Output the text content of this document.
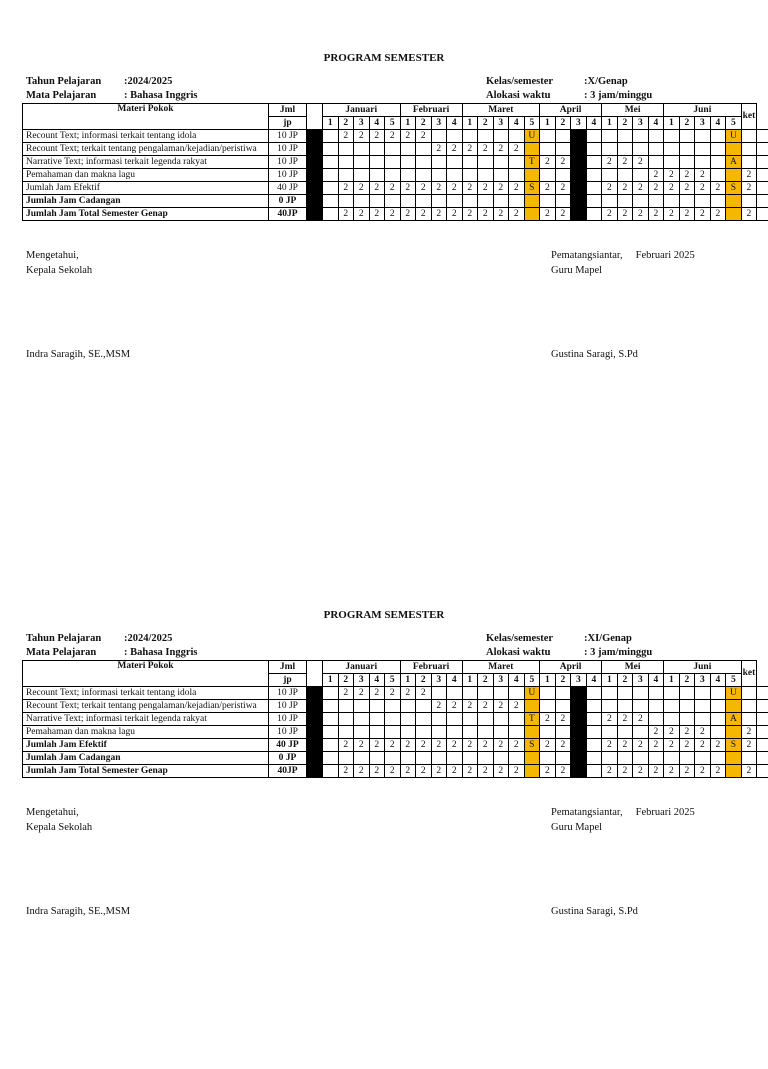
PROGRAM SEMESTER
Tahun Pelajaran	:2024/2025
Mata Pelajaran	: Bahasa Inggris
Kelas/semester	:X/Genap
Alokasi waktu	: 3 jam/minggu
Materi Pokok	Jml		Januari					Februari				Maret					April				Mei				Juni					ket				
	jp		1	2	3	4	5	1	2	3	4	1	2	3	4	5	1	2	3	4	1	2	3	4	1	2	3	4	5					
Recount Text; informasi terkait tentang idola	10 JP			2	2	2	2	2	2							U													U					
Recount Text; terkait tentang pengalaman/kejadian/peristiwa	10 JP									2	2	2	2	2	2																			
Narrative Text; informasi terkait legenda rakyat	10 JP															T	2	2			2	2	2						A					
Pemahaman dan makna lagu	10 JP																							2	2	2	2			2				
Jumlah Jam Efektif	40 JP			2	2	2	2	2	2	2	2	2	2	2	2	S	2	2			2	2	2	2	2	2	2	2	S	2				
Jumlah Jam Cadangan	0 JP																																	
Jumlah Jam Total Semester Genap	40JP			2	2	2	2	2	2	2	2	2	2	2	2		2	2			2	2	2	2	2	2	2	2		2				
Mengetahui,
Kepala Sekolah
Indra Saragih, SE.,MSM
Pematangsiantar, Februari 2025
Guru Mapel
Gustina Saragi, S.Pd
PROGRAM SEMESTER
Tahun Pelajaran	:2024/2025
Mata Pelajaran	: Bahasa Inggris
Kelas/semester	:XI/Genap
Alokasi waktu	: 3 jam/minggu
Materi Pokok	Jml		Januari					Februari				Maret					April				Mei				Juni					ket				
	jp		1	2	3	4	5	1	2	3	4	1	2	3	4	5	1	2	3	4	1	2	3	4	1	2	3	4	5					
Recount Text; informasi terkait tentang idola	10 JP			2	2	2	2	2	2							U													U					
Recount Text; terkait tentang pengalaman/kejadian/peristiwa	10 JP									2	2	2	2	2	2																			
Narrative Text; informasi terkait legenda rakyat	10 JP															T	2	2			2	2	2						A					
Pemahaman dan makna lagu	10 JP																							2	2	2	2			2				
Jumlah Jam Efektif	40 JP			2	2	2	2	2	2	2	2	2	2	2	2	S	2	2			2	2	2	2	2	2	2	2	S	2				
Jumlah Jam Cadangan	0 JP																																	
Jumlah Jam Total Semester Genap	40JP			2	2	2	2	2	2	2	2	2	2	2	2		2	2			2	2	2	2	2	2	2	2		2				
Mengetahui,
Kepala Sekolah
Indra Saragih, SE.,MSM
Pematangsiantar, Februari 2025
Guru Mapel
Gustina Saragi, S.Pd
